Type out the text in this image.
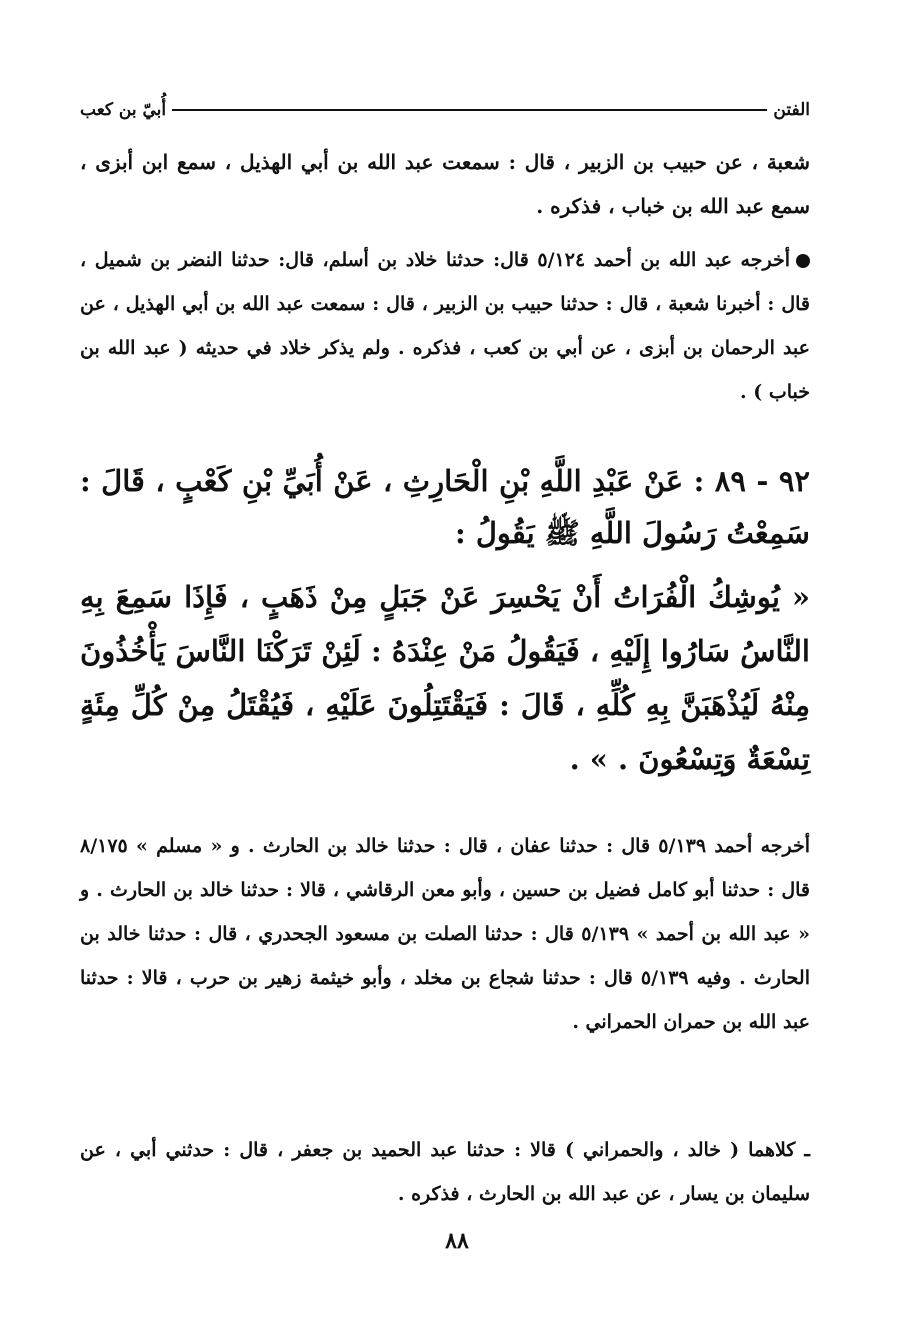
الفتن
أُبيّ بن كعب
شعبة ، عن حبيب بن الزبير ، قال : سمعت عبد الله بن أبي الهذيل ، سمع ابن أبزى ، سمع عبد الله بن خباب ، فذكره .
أخرجه عبد الله بن أحمد ٥/١٢٤ قال: حدثنا خلاد بن أسلم، قال: حدثنا النضر بن شميل ، قال : أخبرنا شعبة ، قال : حدثنا حبيب بن الزبير ، قال : سمعت عبد الله بن أبي الهذيل ، عن عبد الرحمان بن أبزى ، عن أبي بن كعب ، فذكره . ولم يذكر خلاد في حديثه ( عبد الله بن خباب ) .
٩٢ - ٨٩ : عَنْ عَبْدِ اللَّهِ بْنِ الْحَارِثِ ، عَنْ أُبَيِّ بْنِ كَعْبٍ ، قَالَ : سَمِعْتُ رَسُولَ اللَّهِ ﷺ يَقُولُ :
« يُوشِكُ الْفُرَاتُ أَنْ يَحْسِرَ عَنْ جَبَلٍ مِنْ ذَهَبٍ ، فَإِذَا سَمِعَ بِهِ النَّاسُ سَارُوا إِلَيْهِ ، فَيَقُولُ مَنْ عِنْدَهُ : لَئِنْ تَرَكْنَا النَّاسَ يَأْخُذُونَ مِنْهُ لَيُذْهَبَنَّ بِهِ كُلِّهِ ، قَالَ : فَيَقْتَتِلُونَ عَلَيْهِ ، فَيُقْتَلُ مِنْ كُلِّ مِئَةٍ تِسْعَةٌ وَتِسْعُونَ . » .
أخرجه أحمد ٥/١٣٩ قال : حدثنا عفان ، قال : حدثنا خالد بن الحارث . و « مسلم » ٨/١٧٥ قال : حدثنا أبو كامل فضيل بن حسين ، وأبو معن الرقاشي ، قالا : حدثنا خالد بن الحارث . و « عبد الله بن أحمد » ٥/١٣٩ قال : حدثنا الصلت بن مسعود الجحدري ، قال : حدثنا خالد بن الحارث . وفيه ٥/١٣٩ قال : حدثنا شجاع بن مخلد ، وأبو خيثمة زهير بن حرب ، قالا : حدثنا عبد الله بن حمران الحمراني .
ـ كلاهما ( خالد ، والحمراني ) قالا : حدثنا عبد الحميد بن جعفر ، قال : حدثني أبي ، عن سليمان بن يسار ، عن عبد الله بن الحارث ، فذكره .
٨٨
